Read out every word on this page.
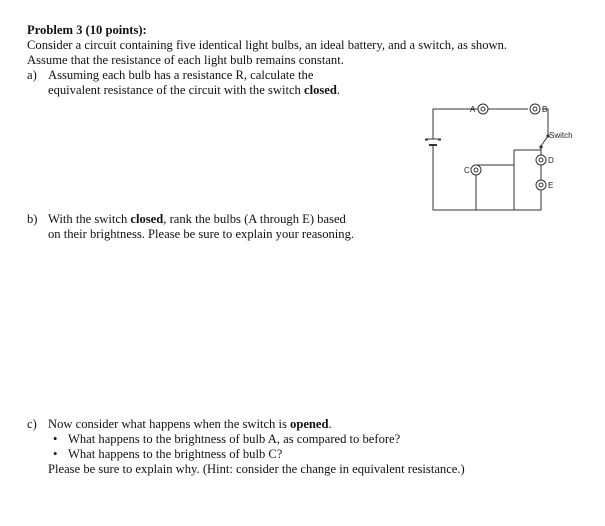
Problem 3 (10 points):
Consider a circuit containing five identical light bulbs, an ideal battery, and a switch, as shown.
Assume that the resistance of each light bulb remains constant.
a) Assuming each bulb has a resistance R, calculate the
equivalent resistance of the circuit with the switch closed.
b) With the switch closed, rank the bulbs (A through E) based
on their brightness. Please be sure to explain your reasoning.
c) Now consider what happens when the switch is opened.
• What happens to the brightness of bulb A, as compared to before?
• What happens to the brightness of bulb C?
Please be sure to explain why. (Hint: consider the change in equivalent resistance.)
A	B
C
D
E
Switch
